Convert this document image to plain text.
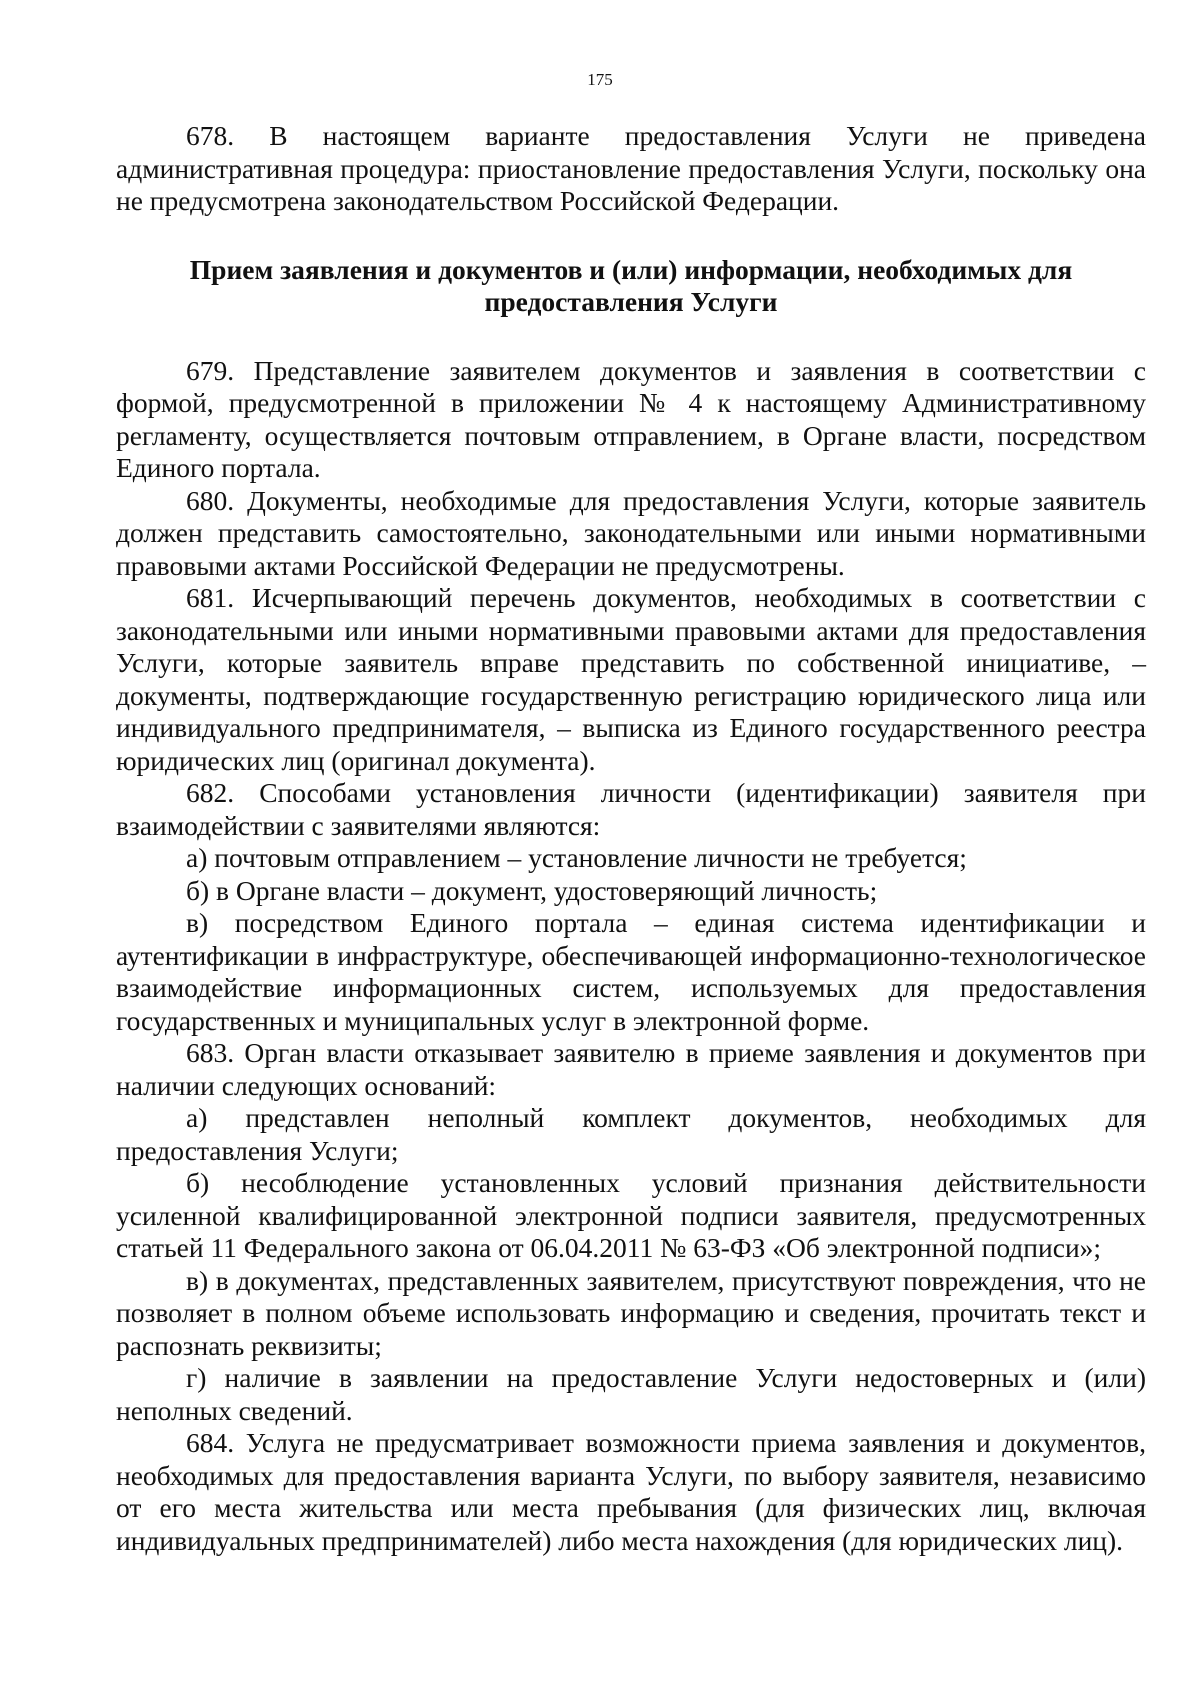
175

678. В настоящем варианте предоставления Услуги не приведена административная процедура: приостановление предоставления Услуги, поскольку она не предусмотрена законодательством Российской Федерации.

Прием заявления и документов и (или) информации, необходимых для
предоставления Услуги

679. Представление заявителем документов и заявления в соответствии с формой, предусмотренной в приложении № 4 к настоящему Административному регламенту, осуществляется почтовым отправлением, в Органе власти, посредством Единого портала.

680. Документы, необходимые для предоставления Услуги, которые заявитель должен представить самостоятельно, законодательными или иными нормативными правовыми актами Российской Федерации не предусмотрены.

681. Исчерпывающий перечень документов, необходимых в соответствии с законодательными или иными нормативными правовыми актами для предоставления Услуги, которые заявитель вправе представить по собственной инициативе, – документы, подтверждающие государственную регистрацию юридического лица или индивидуального предпринимателя, – выписка из Единого государственного реестра юридических лиц (оригинал документа).

682. Способами установления личности (идентификации) заявителя при взаимодействии с заявителями являются:

а) почтовым отправлением – установление личности не требуется;

б) в Органе власти – документ, удостоверяющий личность;

в) посредством Единого портала – единая система идентификации и аутентификации в инфраструктуре, обеспечивающей информационно-технологическое взаимодействие информационных систем, используемых для предоставления государственных и муниципальных услуг в электронной форме.

683. Орган власти отказывает заявителю в приеме заявления и документов при наличии следующих оснований:

а) представлен неполный комплект документов, необходимых для предоставления Услуги;

б) несоблюдение установленных условий признания действительности усиленной квалифицированной электронной подписи заявителя, предусмотренных статьей 11 Федерального закона от 06.04.2011 № 63-ФЗ «Об электронной подписи»;

в) в документах, представленных заявителем, присутствуют повреждения, что не позволяет в полном объеме использовать информацию и сведения, прочитать текст и распознать реквизиты;

г) наличие в заявлении на предоставление Услуги недостоверных и (или) неполных сведений.

684. Услуга не предусматривает возможности приема заявления и документов, необходимых для предоставления варианта Услуги, по выбору заявителя, независимо от его места жительства или места пребывания (для физических лиц, включая индивидуальных предпринимателей) либо места нахождения (для юридических лиц).
